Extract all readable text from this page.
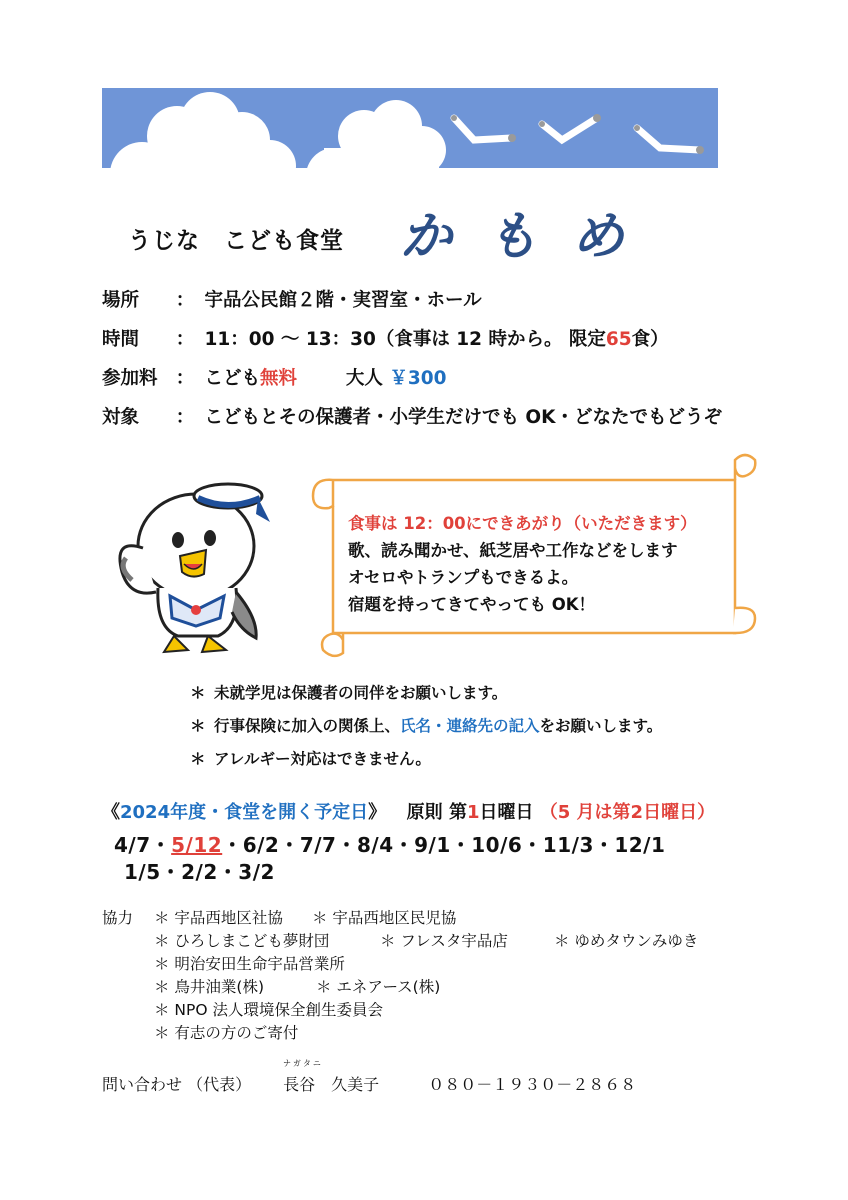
うじな　こども食堂 かもめ
場所 ： 宇品公民館２階・実習室・ホール
時間 ： 11：00 ～ 13：30（食事は 12 時から。 限定65食）
参加料 ： こども無料	大人 ￥300
対象 ： こどもとその保護者・小学生だけでも OK・どなたでもどうぞ
食事は 12：00にできあがり（いただきます）
歌、読み聞かせ、紙芝居や工作などをします
オセロやトランプもできるよ。
宿題を持ってきてやっても OK！
＊ 未就学児は保護者の同伴をお願いします。
＊ 行事保険に加入の関係上、氏名・連絡先の記入をお願いします。
＊ アレルギー対応はできません。
《2024年度・食堂を開く予定日》 原則 第1日曜日 （5 月は第2日曜日）
4/7・5/12・6/2・7/7・8/4・9/1・10/6・11/3・12/1
1/5・2/2・3/2
協力 ＊ 宇品西地区社協 ＊ 宇品西地区民児協
＊ ひろしまこども夢財団	＊ フレスタ宇品店	＊ ゆめタウンみゆき
＊ 明治安田生命宇品営業所
＊ 鳥井油業(株)	＊ エネアース(株)
＊ NPO 法人環境保全創生委員会
＊ 有志の方のご寄付
ナガタニ
問い合わせ （代表） 長谷　久美子	０８０－１９３０－２８６８
